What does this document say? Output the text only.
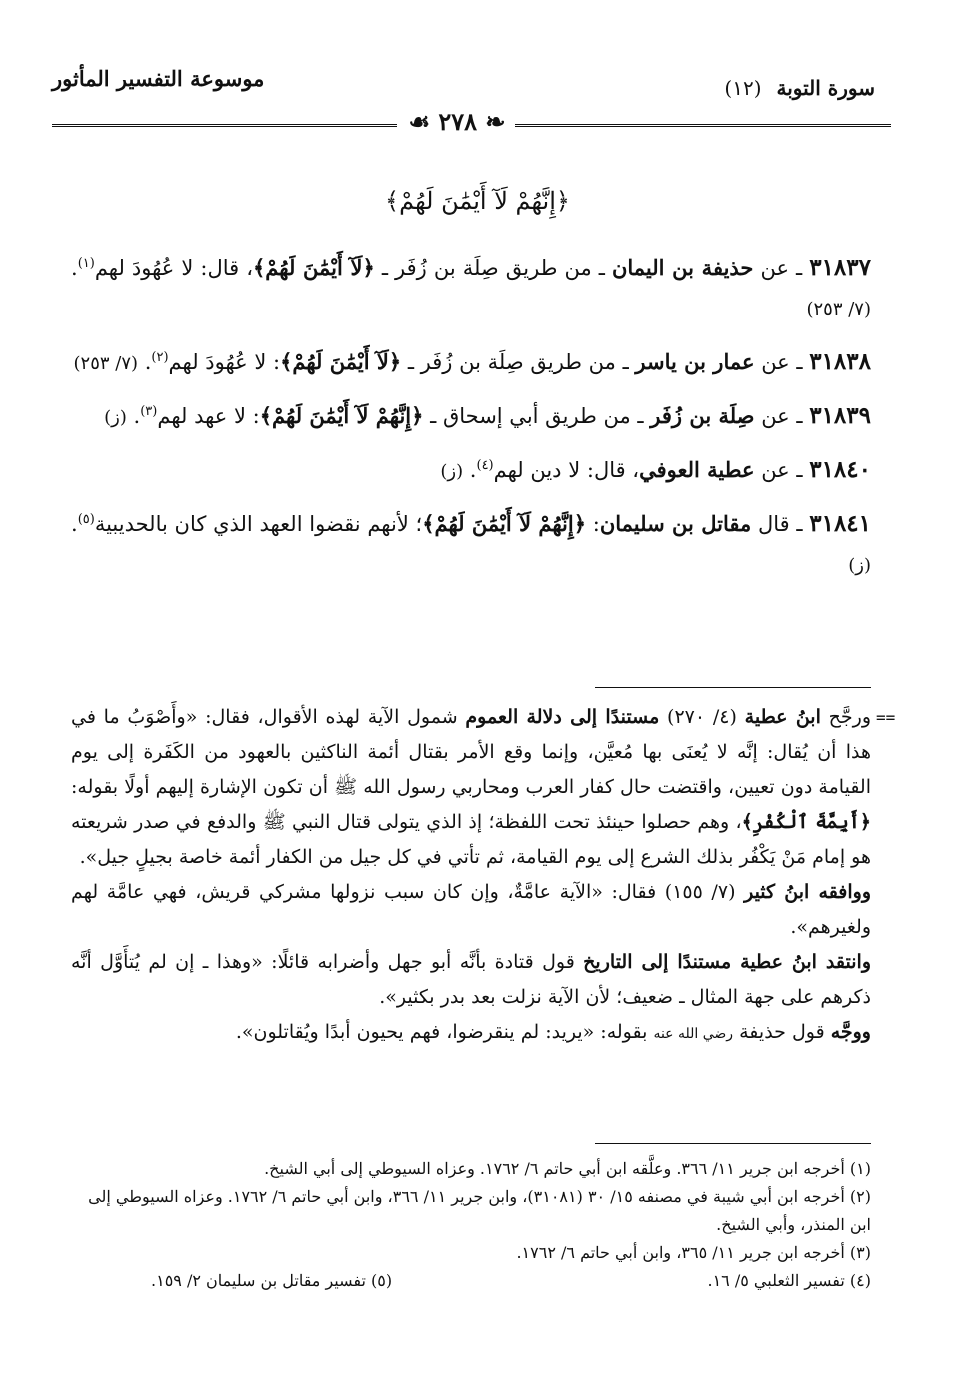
سورة التوبة (١٢)
موسوعة التفسير المأثور
❧ ٢٧٨ ☙
﴿إِنَّهُمْ لَآ أَيْمَٰنَ لَهُمْ﴾
٣١٨٣٧ ـ عن حذيفة بن اليمان ـ من طريق صِلَة بن زُفَر ـ ﴿لَآ أَيْمَٰنَ لَهُمْ﴾، قال: لا عُهُودَ لهم$^{(١)}$. (٧/ ٢٥٣)
٣١٨٣٨ ـ عن عمار بن ياسر ـ من طريق صِلَة بن زُفَر ـ ﴿لَآ أَيْمَٰنَ لَهُمْ﴾: لا عُهُودَ لهم$^{(٢)}$. (٧/ ٢٥٣)
٣١٨٣٩ ـ عن صِلَة بن زُفَر ـ من طريق أبي إسحاق ـ ﴿إِنَّهُمْ لَآ أَيْمَٰنَ لَهُمْ﴾: لا عهد لهم$^{(٣)}$. (ز)
٣١٨٤٠ ـ عن عطية العوفي، قال: لا دين لهم$^{(٤)}$. (ز)
٣١٨٤١ ـ قال مقاتل بن سليمان: ﴿إِنَّهُمْ لَآ أَيْمَٰنَ لَهُمْ﴾؛ لأنهم نقضوا العهد الذي كان بالحديبية$^{(٥)}$. (ز)
==

ورجَّح ابنُ عطية (٤/ ٢٧٠) مستندًا إلى دلالة العموم شمول الآية لهذه الأقوال، فقال: «وأَصْوَبُ ما في هذا أن يُقال: إنَّه لا يُعنَى بها مُعيَّن، وإنما وقع الأمر بقتال أئمة الناكثين بالعهود من الكَفَرة إلى يوم القيامة دون تعيين، واقتضت حال كفار العرب ومحاربي رسول الله ﷺ أن تكون الإشارة إليهم أولًا بقوله: ﴿أَيِمَّةَ ٱلْكُفْرِ﴾، وهم حصلوا حينئذ تحت اللفظة؛ إذ الذي يتولى قتال النبي ﷺ والدفع في صدر شريعته هو إمام مَنْ يَكْفُر بذلك الشرع إلى يوم القيامة، ثم تأتي في كل جيل من الكفار أئمة خاصة بجيلٍ جيل».

ووافقه ابنُ كثير (٧/ ١٥٥) فقال: «الآية عامَّةٌ، وإن كان سبب نزولها مشركي قريش، فهي عامَّة لهم ولغيرهم».

وانتقد ابنُ عطية مستندًا إلى التاريخ قول قتادة بأنَّه أبو جهل وأضرابه قائلًا: «وهذا ـ إن لم يُتأَوَّل أنَّه ذكرهم على جهة المثال ـ ضعيف؛ لأن الآية نزلت بعد بدر بكثير».

ووجَّه قول حذيفة رضي الله عنه بقوله: «يريد: لم ينقرضوا، فهم يحيون أبدًا ويُقاتلون».

(١) أخرجه ابن جرير ١١/ ٣٦٦. وعلَّقه ابن أبي حاتم ٦/ ١٧٦٢. وعزاه السيوطي إلى أبي الشيخ.

(٢) أخرجه ابن أبي شيبة في مصنفه ١٥/ ٣٠ (٣١٠٨١)، وابن جرير ١١/ ٣٦٦، وابن أبي حاتم ٦/ ١٧٦٢. وعزاه السيوطي إلى ابن المنذر، وأبي الشيخ.

(٣) أخرجه ابن جرير ١١/ ٣٦٥، وابن أبي حاتم ٦/ ١٧٦٢.

(٤) تفسير الثعلبي ٥/ ١٦.
(٥) تفسير مقاتل بن سليمان ٢/ ١٥٩.
